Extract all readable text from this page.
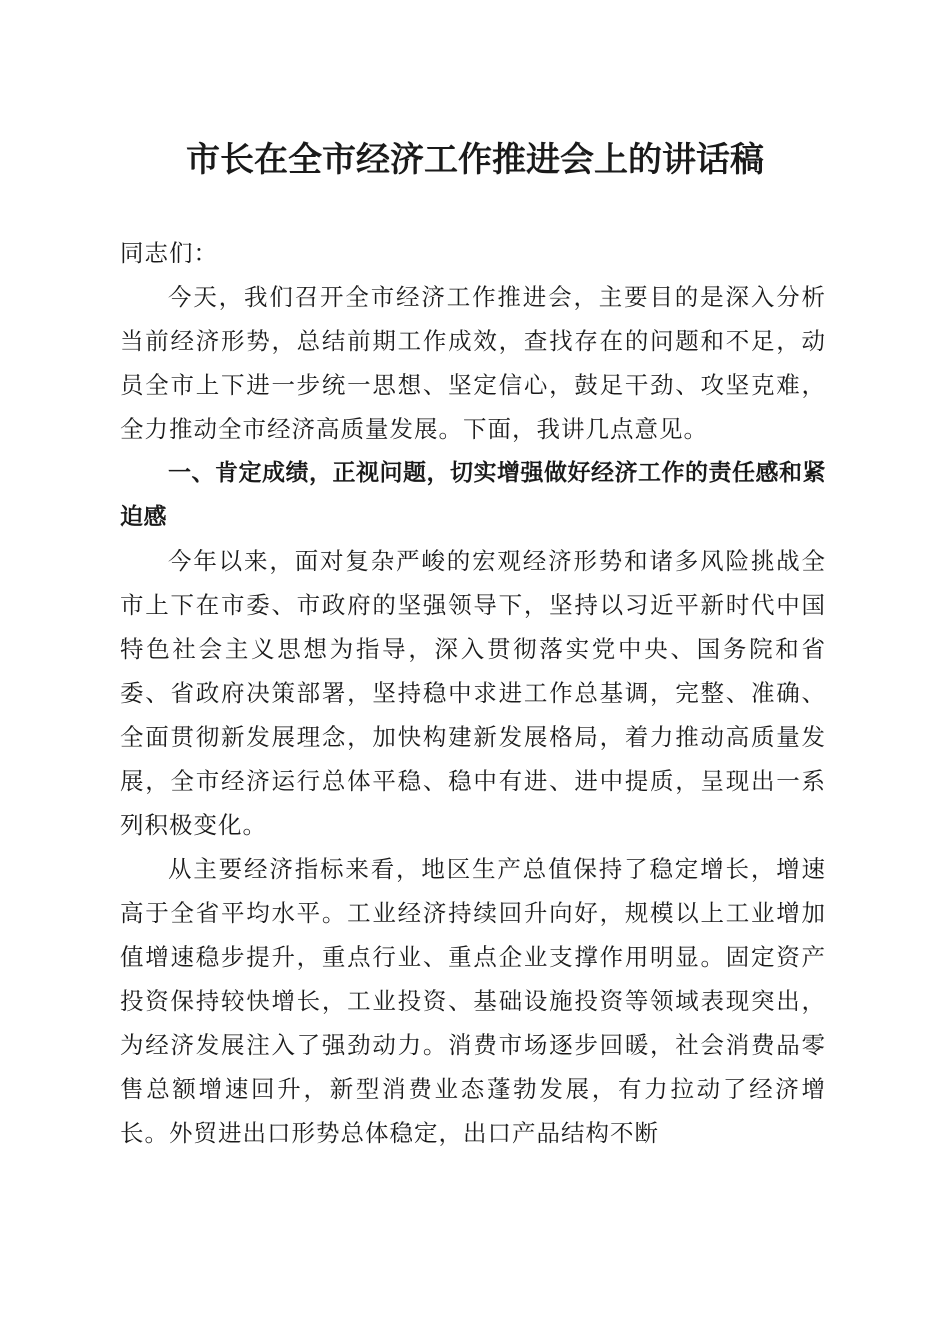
市长在全市经济工作推进会上的讲话稿

同志们：

今天，我们召开全市经济工作推进会，主要目的是深入分析当前经济形势，总结前期工作成效，查找存在的问题和不足，动员全市上下进一步统一思想、坚定信心，鼓足干劲、攻坚克难，全力推动全市经济高质量发展。下面，我讲几点意见。

一、肯定成绩，正视问题，切实增强做好经济工作的责任感和紧迫感

今年以来，面对复杂严峻的宏观经济形势和诸多风险挑战全市上下在市委、市政府的坚强领导下，坚持以习近平新时代中国特色社会主义思想为指导，深入贯彻落实党中央、国务院和省委、省政府决策部署，坚持稳中求进工作总基调，完整、准确、全面贯彻新发展理念，加快构建新发展格局，着力推动高质量发展，全市经济运行总体平稳、稳中有进、进中提质，呈现出一系列积极变化。

从主要经济指标来看，地区生产总值保持了稳定增长，增速高于全省平均水平。工业经济持续回升向好，规模以上工业增加值增速稳步提升，重点行业、重点企业支撑作用明显。固定资产投资保持较快增长，工业投资、基础设施投资等领域表现突出，为经济发展注入了强劲动力。消费市场逐步回暖，社会消费品零售总额增速回升，新型消费业态蓬勃发展，有力拉动了经济增长。外贸进出口形势总体稳定，出口产品结构不断
